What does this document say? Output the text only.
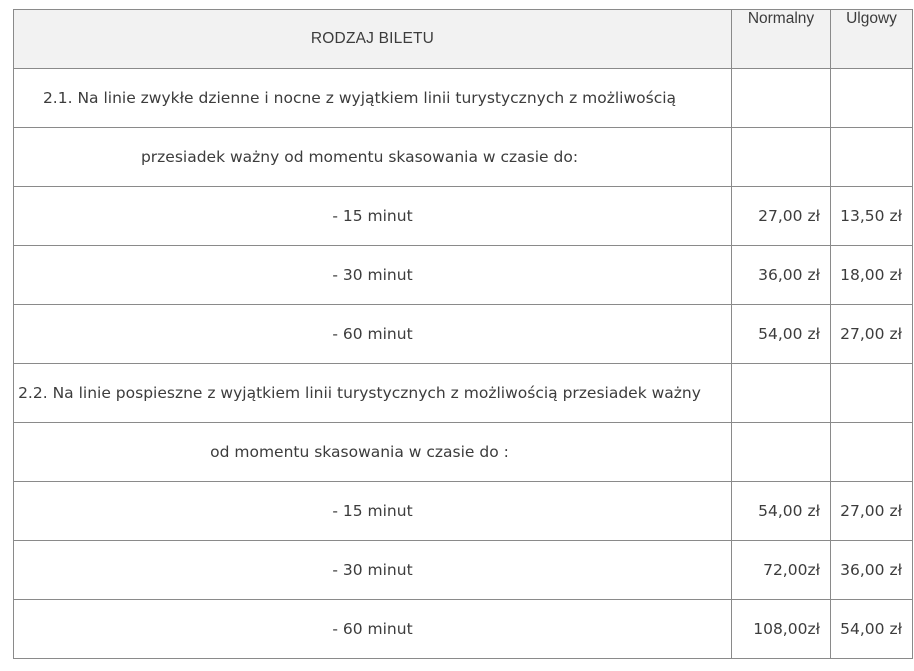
RODZAJ BILETU	Normalny	Ulgowy
2.1. Na linie zwykłe dzienne i nocne z wyjątkiem linii turystycznych z możliwością		
przesiadek ważny od momentu skasowania w czasie do:		
- 15 minut	27,00 zł	13,50 zł
- 30 minut	36,00 zł	18,00 zł
- 60 minut	54,00 zł	27,00 zł
2.2. Na linie pospieszne z wyjątkiem linii turystycznych z możliwością przesiadek ważny		
od momentu skasowania w czasie do :		
- 15 minut	54,00 zł	27,00 zł
- 30 minut	72,00zł	36,00 zł
- 60 minut	108,00zł	54,00 zł
